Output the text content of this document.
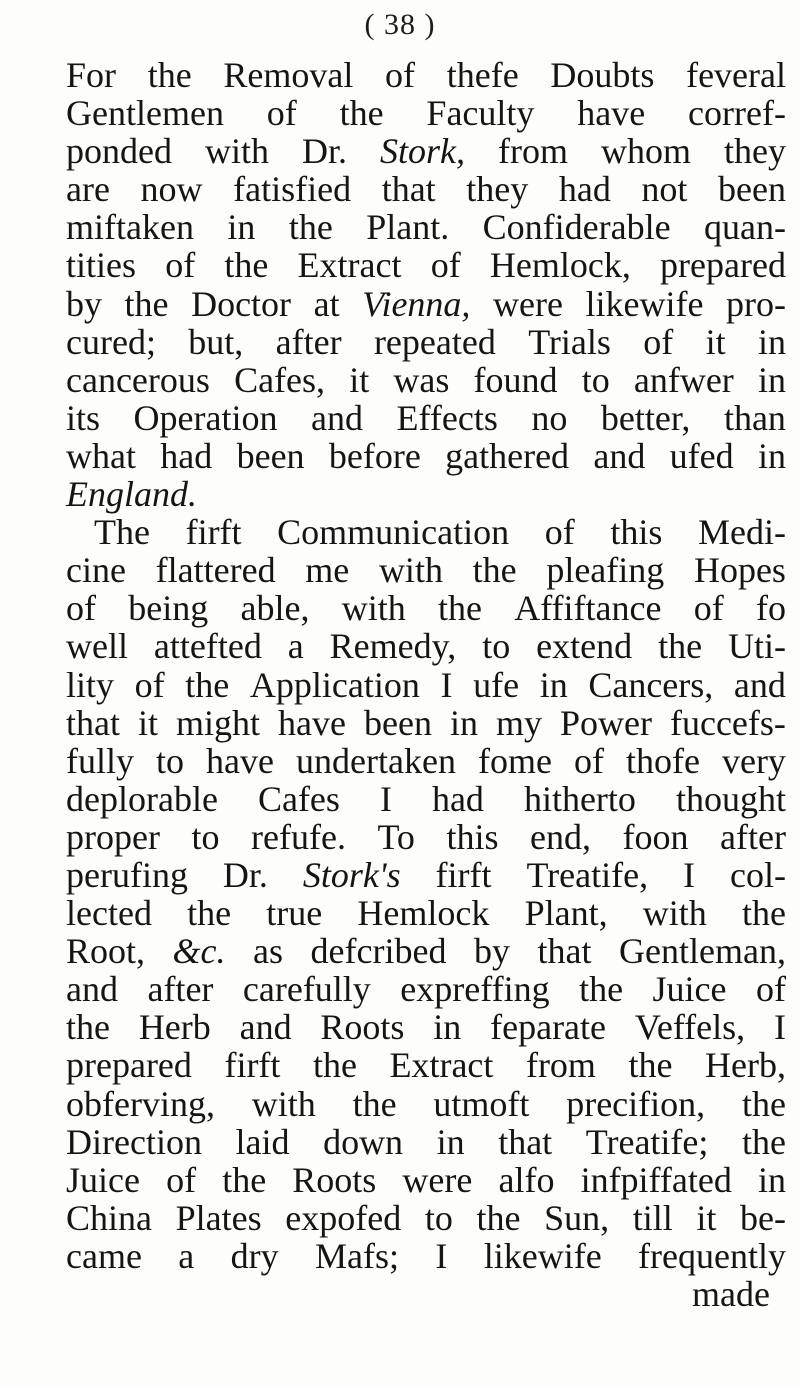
( 38 )
For the Removal of thefe Doubts feveral
Gentlemen of the Faculty have corref-
ponded with Dr. Stork, from whom they
are now fatisfied that they had not been
miftaken in the Plant. Confiderable quan-
tities of the Extract of Hemlock, prepared
by the Doctor at Vienna, were likewife pro-
cured; but, after repeated Trials of it in
cancerous Cafes, it was found to anfwer in
its Operation and Effects no better, than
what had been before gathered and ufed in
England.
The firft Communication of this Medi-
cine flattered me with the pleafing Hopes
of being able, with the Affiftance of fo
well attefted a Remedy, to extend the Uti-
lity of the Application I ufe in Cancers, and
that it might have been in my Power fuccefs-
fully to have undertaken fome of thofe very
deplorable Cafes I had hitherto thought
proper to refufe. To this end, foon after
perufing Dr. Stork's firft Treatife, I col-
lected the true Hemlock Plant, with the
Root, &c. as defcribed by that Gentleman,
and after carefully expreffing the Juice of
the Herb and Roots in feparate Veffels, I
prepared firft the Extract from the Herb,
obferving, with the utmoft precifion, the
Direction laid down in that Treatife; the
Juice of the Roots were alfo infpiffated in
China Plates expofed to the Sun, till it be-
came a dry Mafs; I likewife frequently
made
